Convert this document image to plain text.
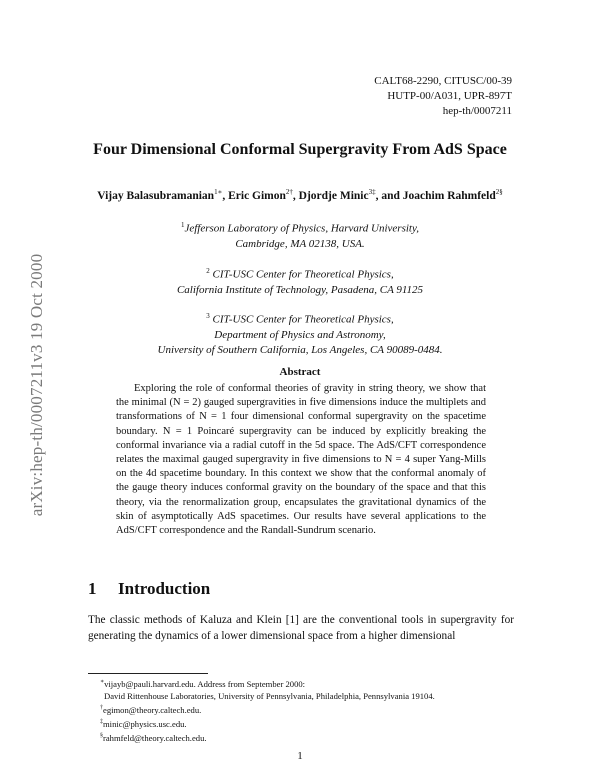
arXiv:hep-th/0007211v3 19 Oct 2000
CALT68-2290, CITUSC/00-39
HUTP-00/A031, UPR-897T
hep-th/0007211
Four Dimensional Conformal Supergravity From AdS Space
Vijay Balasubramanian$^{1∗}$, Eric Gimon$^{2\dagger}$, Djordje Minic$^{3\ddagger}$, and Joachim Rahmfeld$^{2\S}$
$^1$Jefferson Laboratory of Physics, Harvard University,
Cambridge, MA 02138, USA.
$^2$ CIT-USC Center for Theoretical Physics,
California Institute of Technology, Pasadena, CA 91125
$^3$ CIT-USC Center for Theoretical Physics,
Department of Physics and Astronomy,
University of Southern California, Los Angeles, CA 90089-0484.
Abstract
Exploring the role of conformal theories of gravity in string theory, we show that the minimal (N = 2) gauged supergravities in five dimensions induce the multiplets and transformations of N = 1 four dimensional conformal supergravity on the spacetime boundary. N = 1 Poincaré supergravity can be induced by explicitly breaking the conformal invariance via a radial cutoff in the 5d space. The AdS/CFT correspondence relates the maximal gauged supergravity in five dimensions to N = 4 super Yang-Mills on the 4d spacetime boundary. In this context we show that the conformal anomaly of the gauge theory induces conformal gravity on the boundary of the space and that this theory, via the renormalization group, encapsulates the gravitational dynamics of the skin of asymptotically AdS spacetimes. Our results have several applications to the AdS/CFT correspondence and the Randall-Sundrum scenario.
1 Introduction
The classic methods of Kaluza and Klein [1] are the conventional tools in supergravity for generating the dynamics of a lower dimensional space from a higher dimensional
∗vijayb@pauli.harvard.edu. Address from September 2000:
David Rittenhouse Laboratories, University of Pennsylvania, Philadelphia, Pennsylvania 19104.
†egimon@theory.caltech.edu.
‡minic@physics.usc.edu.
§rahmfeld@theory.caltech.edu.
1
